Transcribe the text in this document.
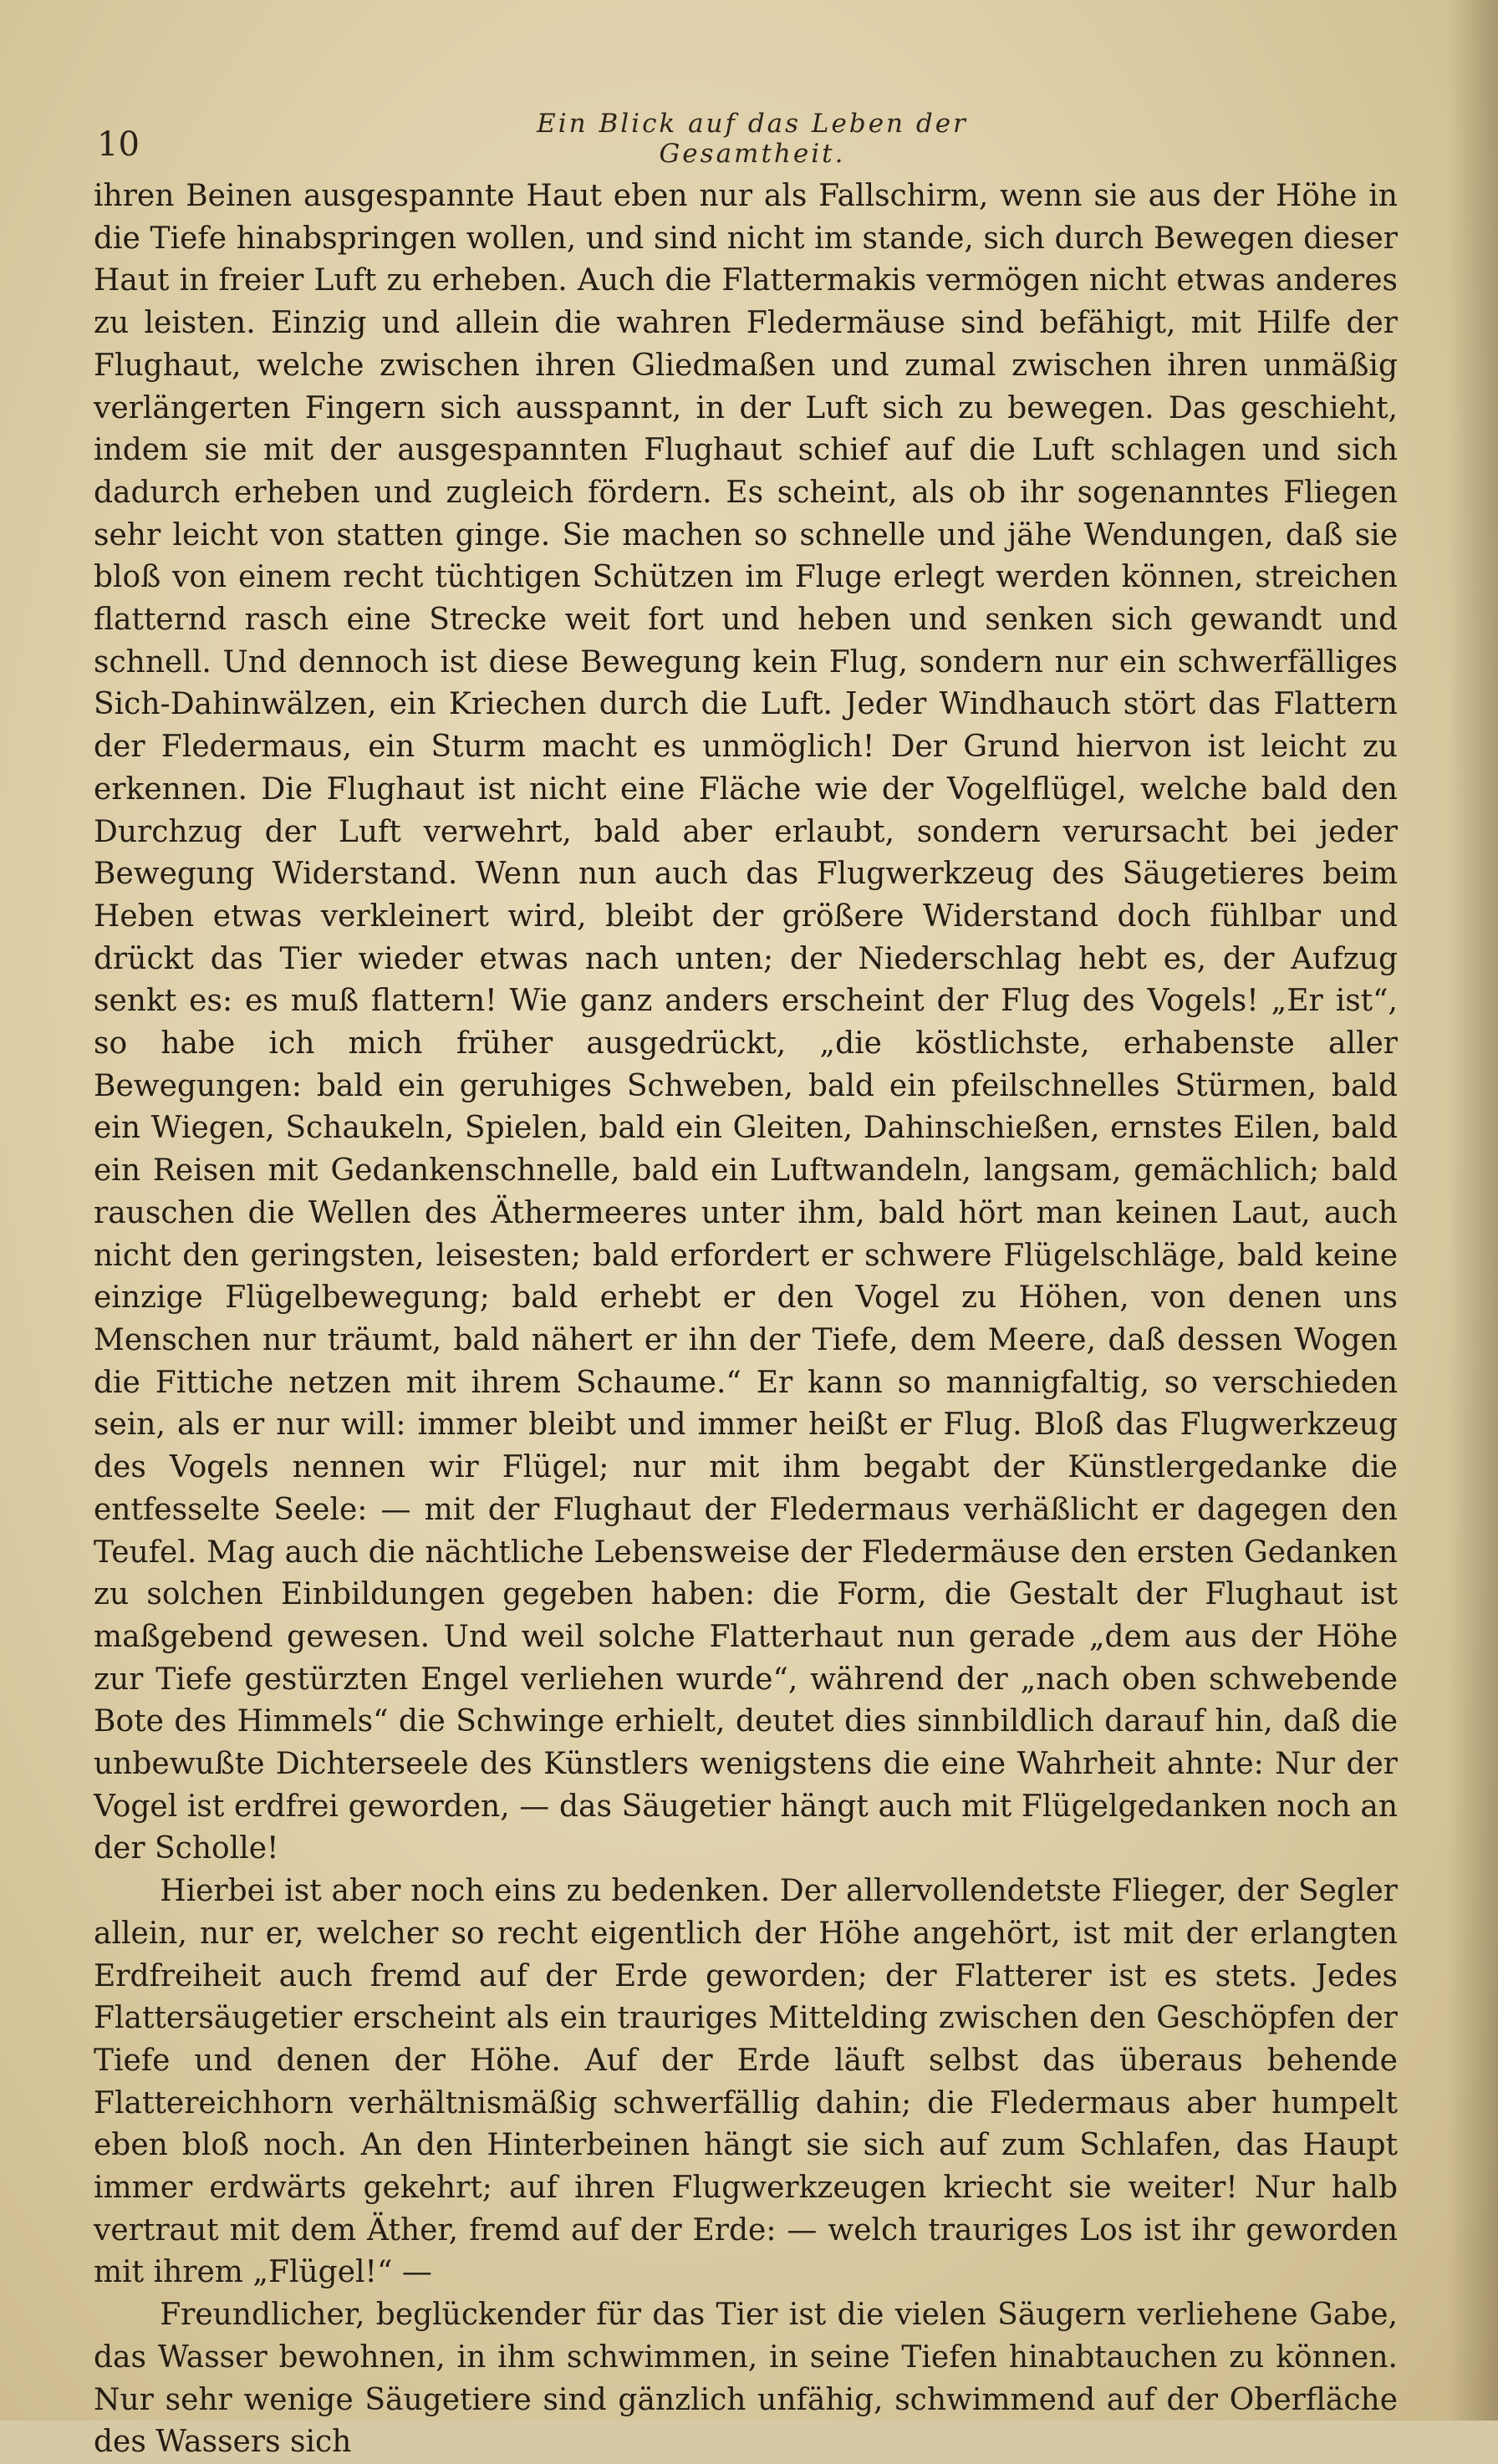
10
Ein Blick auf das Leben der Gesamtheit.

ihren Beinen ausgespannte Haut eben nur als Fallschirm, wenn sie aus der Höhe in die Tiefe hinabspringen wollen, und sind nicht im stande, sich durch Bewegen dieser Haut in freier Luft zu erheben. Auch die Flattermakis vermögen nicht etwas anderes zu leisten. Einzig und allein die wahren Fledermäuse sind befähigt, mit Hilfe der Flughaut, welche zwischen ihren Gliedmaßen und zumal zwischen ihren unmäßig verlängerten Fingern sich ausspannt, in der Luft sich zu bewegen. Das geschieht, indem sie mit der ausgespannten Flughaut schief auf die Luft schlagen und sich dadurch erheben und zugleich fördern. Es scheint, als ob ihr sogenanntes Fliegen sehr leicht von statten ginge. Sie machen so schnelle und jähe Wendungen, daß sie bloß von einem recht tüchtigen Schützen im Fluge erlegt werden können, streichen flatternd rasch eine Strecke weit fort und heben und senken sich gewandt und schnell. Und dennoch ist diese Bewegung kein Flug, sondern nur ein schwerfälliges Sich-Dahinwälzen, ein Kriechen durch die Luft. Jeder Windhauch stört das Flattern der Fledermaus, ein Sturm macht es unmöglich! Der Grund hiervon ist leicht zu erkennen. Die Flughaut ist nicht eine Fläche wie der Vogelflügel, welche bald den Durchzug der Luft verwehrt, bald aber erlaubt, sondern verursacht bei jeder Bewegung Widerstand. Wenn nun auch das Flugwerkzeug des Säugetieres beim Heben etwas verkleinert wird, bleibt der größere Widerstand doch fühlbar und drückt das Tier wieder etwas nach unten; der Niederschlag hebt es, der Aufzug senkt es: es muß flattern! Wie ganz anders erscheint der Flug des Vogels! „Er ist“, so habe ich mich früher ausgedrückt, „die köstlichste, erhabenste aller Bewegungen: bald ein geruhiges Schweben, bald ein pfeilschnelles Stürmen, bald ein Wiegen, Schaukeln, Spielen, bald ein Gleiten, Dahinschießen, ernstes Eilen, bald ein Reisen mit Gedankenschnelle, bald ein Luftwandeln, langsam, gemächlich; bald rauschen die Wellen des Äthermeeres unter ihm, bald hört man keinen Laut, auch nicht den geringsten, leisesten; bald erfordert er schwere Flügelschläge, bald keine einzige Flügelbewegung; bald erhebt er den Vogel zu Höhen, von denen uns Menschen nur träumt, bald nähert er ihn der Tiefe, dem Meere, daß dessen Wogen die Fittiche netzen mit ihrem Schaume.“ Er kann so mannigfaltig, so verschieden sein, als er nur will: immer bleibt und immer heißt er Flug. Bloß das Flugwerkzeug des Vogels nennen wir Flügel; nur mit ihm begabt der Künstlergedanke die entfesselte Seele: — mit der Flughaut der Fledermaus verhäßlicht er dagegen den Teufel. Mag auch die nächtliche Lebensweise der Fledermäuse den ersten Gedanken zu solchen Einbildungen gegeben haben: die Form, die Gestalt der Flughaut ist maßgebend gewesen. Und weil solche Flatterhaut nun gerade „dem aus der Höhe zur Tiefe gestürzten Engel verliehen wurde“, während der „nach oben schwebende Bote des Himmels“ die Schwinge erhielt, deutet dies sinnbildlich darauf hin, daß die unbewußte Dichterseele des Künstlers wenigstens die eine Wahrheit ahnte: Nur der Vogel ist erdfrei geworden, — das Säugetier hängt auch mit Flügelgedanken noch an der Scholle!

Hierbei ist aber noch eins zu bedenken. Der allervollendetste Flieger, der Segler allein, nur er, welcher so recht eigentlich der Höhe angehört, ist mit der erlangten Erdfreiheit auch fremd auf der Erde geworden; der Flatterer ist es stets. Jedes Flattersäugetier erscheint als ein trauriges Mittelding zwischen den Geschöpfen der Tiefe und denen der Höhe. Auf der Erde läuft selbst das überaus behende Flattereichhorn verhältnismäßig schwerfällig dahin; die Fledermaus aber humpelt eben bloß noch. An den Hinterbeinen hängt sie sich auf zum Schlafen, das Haupt immer erdwärts gekehrt; auf ihren Flugwerkzeugen kriecht sie weiter! Nur halb vertraut mit dem Äther, fremd auf der Erde: — welch trauriges Los ist ihr geworden mit ihrem „Flügel!“ —

Freundlicher, beglückender für das Tier ist die vielen Säugern verliehene Gabe, das Wasser bewohnen, in ihm schwimmen, in seine Tiefen hinabtauchen zu können. Nur sehr wenige Säugetiere sind gänzlich unfähig, schwimmend auf der Oberfläche des Wassers sich
